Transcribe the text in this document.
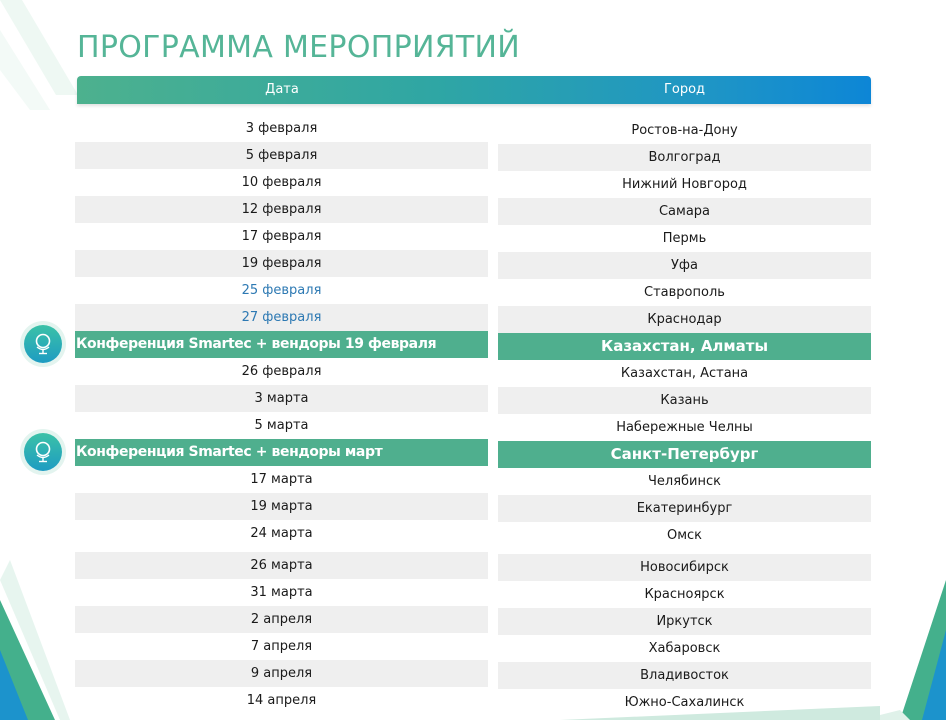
ПРОГРАММА МЕРОПРИЯТИЙ
Дата	Город
3 февраля	Ростов-на-Дону
5 февраля	Волгоград
10 февраля	Нижний Новгород
12 февраля	Самара
17 февраля	Пермь
19 февраля	Уфа
25 февраля	Ставрополь
27 февраля	Краснодар
Конференция Smartec + вендоры 19 февраля	Казахстан, Алматы
26 февраля	Казахстан, Астана
3 марта	Казань
5 марта	Набережные Челны
Конференция Smartec + вендоры март	Санкт-Петербург
17 марта	Челябинск
19 марта	Екатеринбург
24 марта	Омск
26 марта	Новосибирск
31 марта	Красноярск
2 апреля	Иркутск
7 апреля	Хабаровск
9 апреля	Владивосток
14 апреля	Южно-Сахалинск
